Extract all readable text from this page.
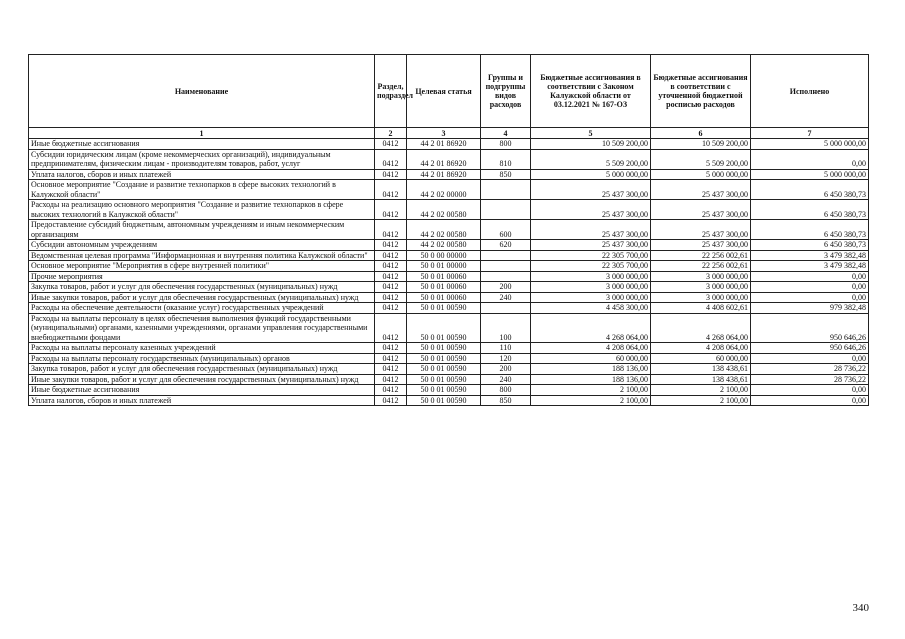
Наименование	Раздел, подраздел	Целевая статья	Группы и подгруппы видов расходов	Бюджетные ассигнования в соответствии с Законом Калужской области от 03.12.2021 № 167-ОЗ	Бюджетные ассигнования в соответствии с уточненной бюджетной росписью расходов	Исполнено
1	2	3	4	5	6	7
Иные бюджетные ассигнования	0412	44 2 01 86920	800	10 509 200,00	10 509 200,00	5 000 000,00
Субсидии юридическим лицам (кроме некоммерческих организаций), индивидуальным предпринимателям, физическим лицам - производителям товаров, работ, услуг	0412	44 2 01 86920	810	5 509 200,00	5 509 200,00	0,00
Уплата налогов, сборов и иных платежей	0412	44 2 01 86920	850	5 000 000,00	5 000 000,00	5 000 000,00
Основное мероприятие "Создание и развитие технопарков в сфере высоких технологий в Калужской области"	0412	44 2 02 00000		25 437 300,00	25 437 300,00	6 450 380,73
Расходы на реализацию основного мероприятия "Создание и развитие технопарков в сфере высоких технологий в Калужской области"	0412	44 2 02 00580		25 437 300,00	25 437 300,00	6 450 380,73
Предоставление субсидий бюджетным, автономным учреждениям и иным некоммерческим организациям	0412	44 2 02 00580	600	25 437 300,00	25 437 300,00	6 450 380,73
Субсидии автономным учреждениям	0412	44 2 02 00580	620	25 437 300,00	25 437 300,00	6 450 380,73
Ведомственная целевая программа "Информационная и внутренняя политика Калужской области"	0412	50 0 00 00000		22 305 700,00	22 256 002,61	3 479 382,48
Основное мероприятие "Мероприятия в сфере внутренней политики"	0412	50 0 01 00000		22 305 700,00	22 256 002,61	3 479 382,48
Прочие мероприятия	0412	50 0 01 00060		3 000 000,00	3 000 000,00	0,00
Закупка товаров, работ и услуг для обеспечения государственных (муниципальных) нужд	0412	50 0 01 00060	200	3 000 000,00	3 000 000,00	0,00
Иные закупки товаров, работ и услуг для обеспечения государственных (муниципальных) нужд	0412	50 0 01 00060	240	3 000 000,00	3 000 000,00	0,00
Расходы на обеспечение деятельности (оказание услуг) государственных учреждений	0412	50 0 01 00590		4 458 300,00	4 408 602,61	979 382,48
Расходы на выплаты персоналу в целях обеспечения выполнения функций государственными (муниципальными) органами, казенными учреждениями, органами управления государственными внебюджетными фондами	0412	50 0 01 00590	100	4 268 064,00	4 268 064,00	950 646,26
Расходы на выплаты персоналу казенных учреждений	0412	50 0 01 00590	110	4 208 064,00	4 208 064,00	950 646,26
Расходы на выплаты персоналу государственных (муниципальных) органов	0412	50 0 01 00590	120	60 000,00	60 000,00	0,00
Закупка товаров, работ и услуг для обеспечения государственных (муниципальных) нужд	0412	50 0 01 00590	200	188 136,00	138 438,61	28 736,22
Иные закупки товаров, работ и услуг для обеспечения государственных (муниципальных) нужд	0412	50 0 01 00590	240	188 136,00	138 438,61	28 736,22
Иные бюджетные ассигнования	0412	50 0 01 00590	800	2 100,00	2 100,00	0,00
Уплата налогов, сборов и иных платежей	0412	50 0 01 00590	850	2 100,00	2 100,00	0,00
340
